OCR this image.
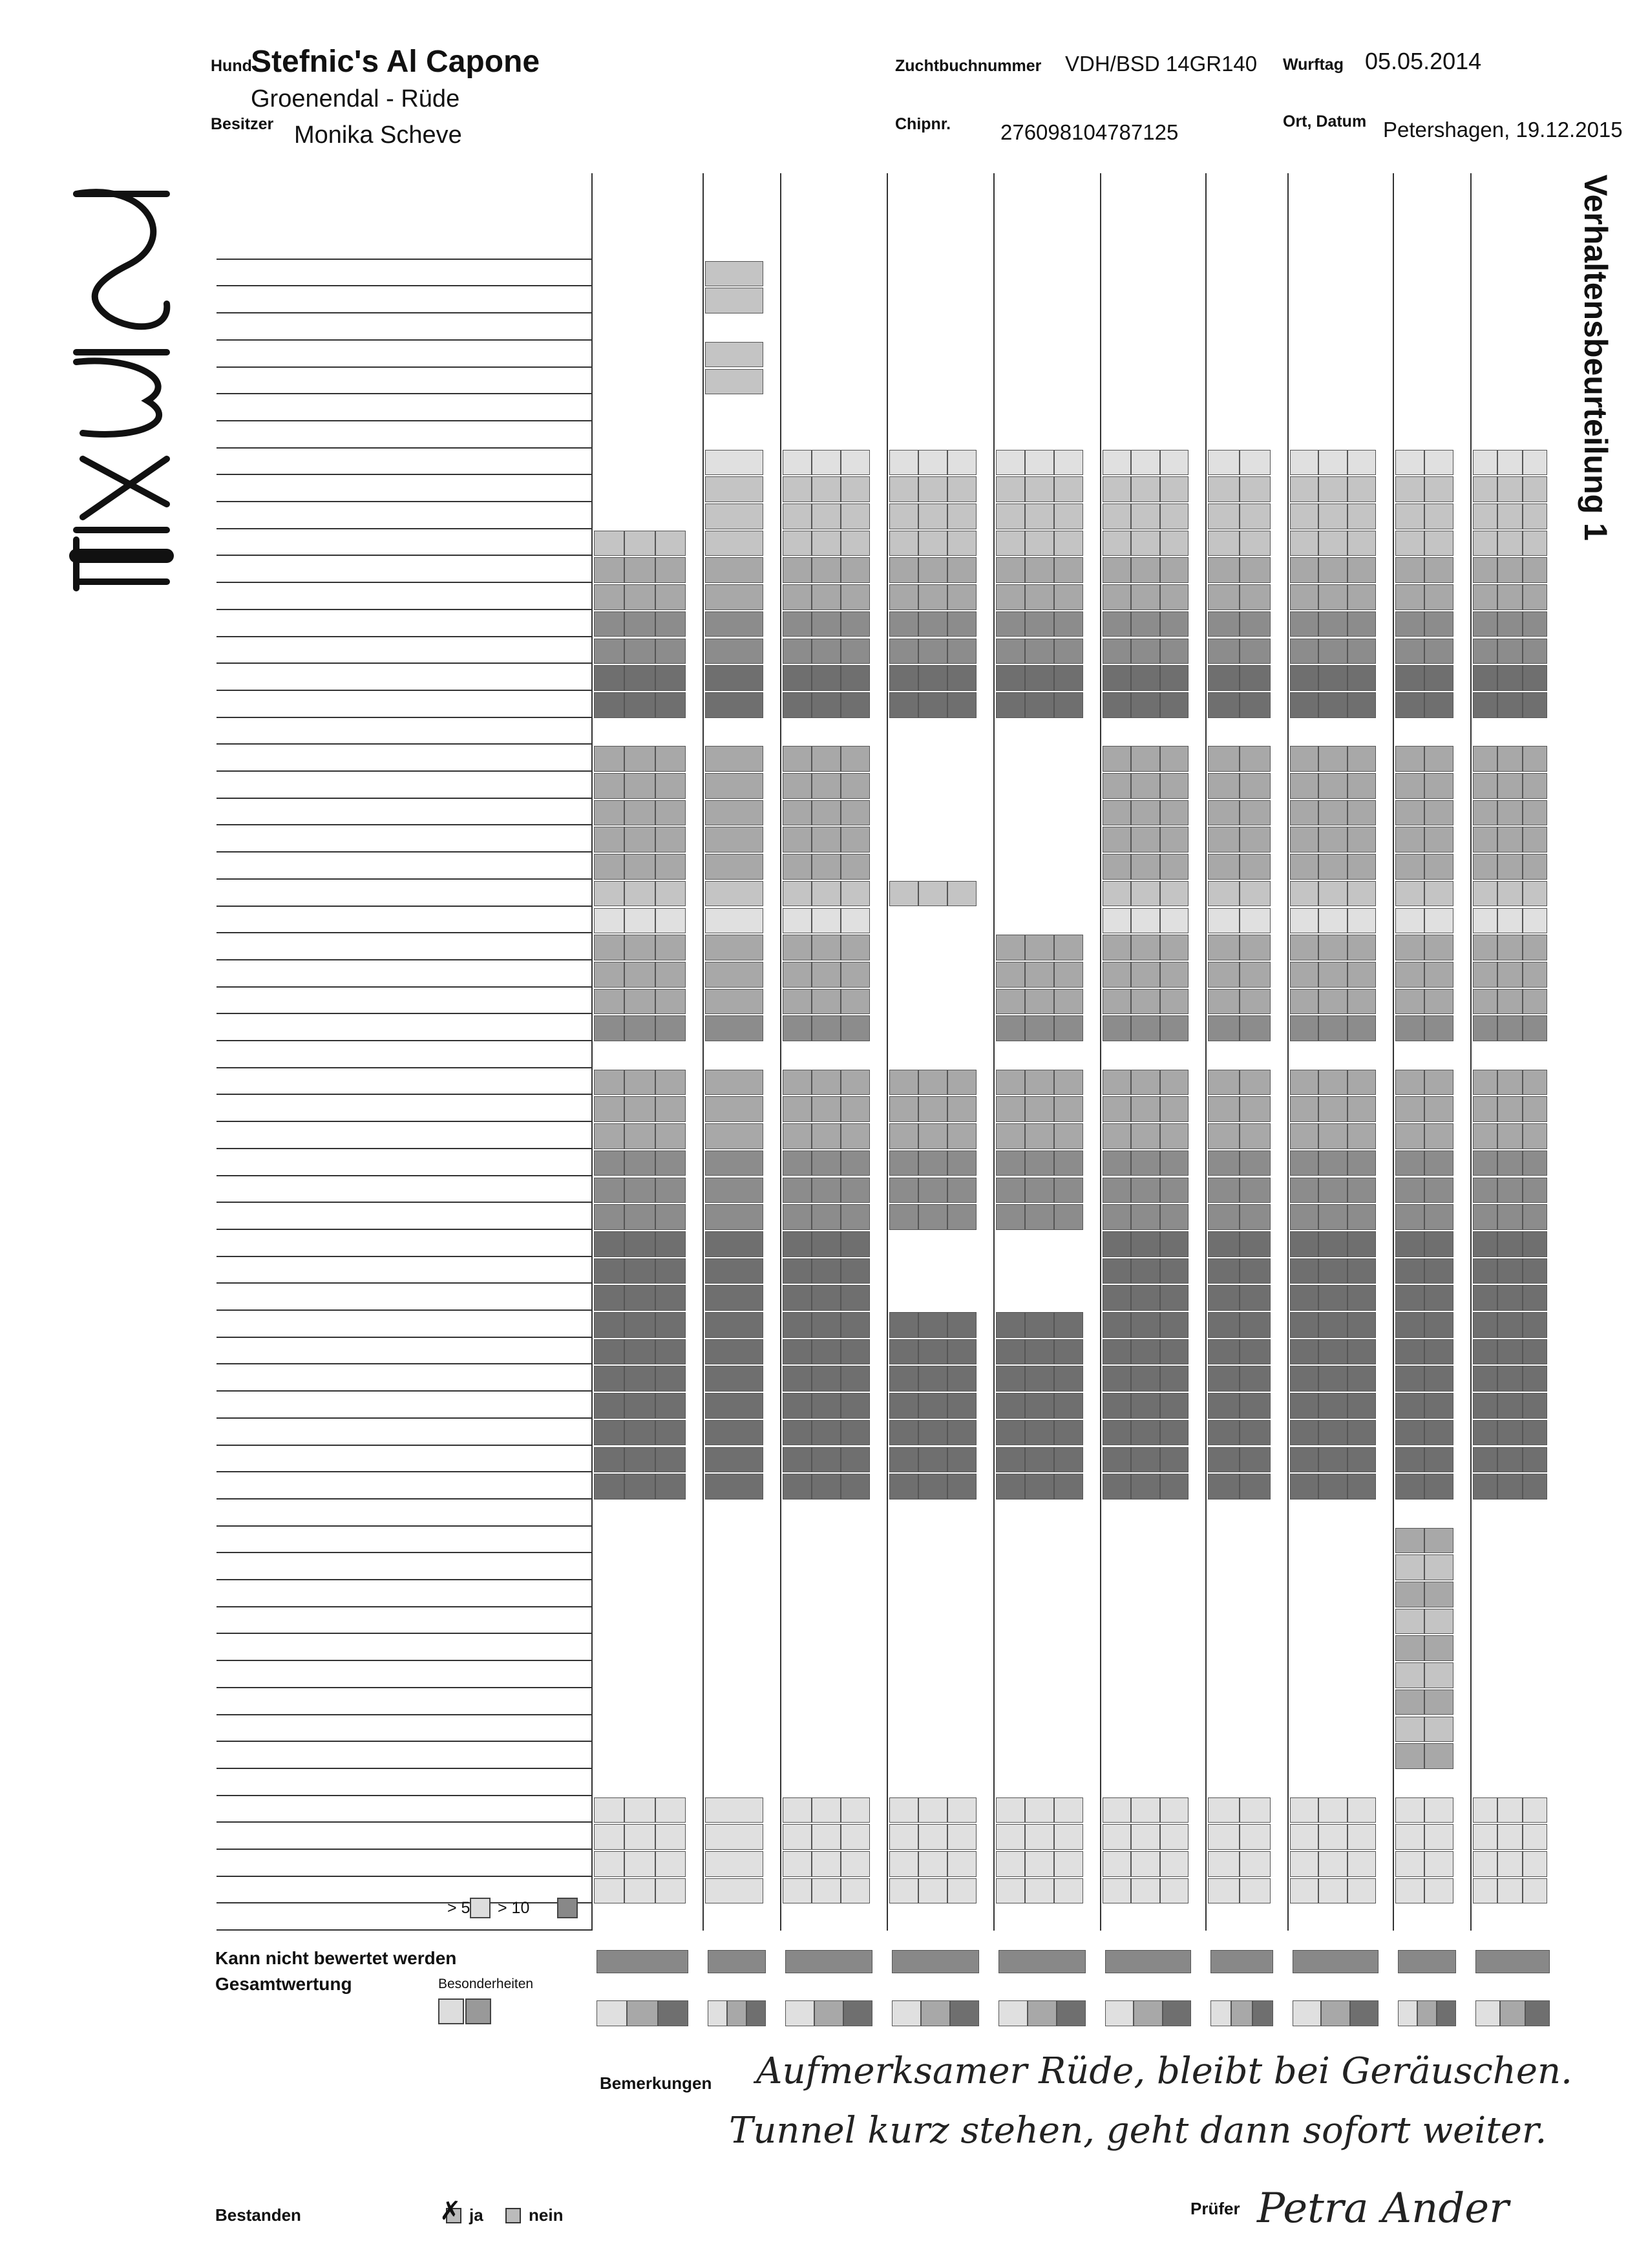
Hund
Stefnic's Al Capone
Groenendal - Rüde
Besitzer Monika Scheve
Zuchtbuchnummer VDH/BSD 14GR140 Wurftag 05.05.2014
Chipnr. 276098104787125	Ort, Datum Petershagen, 19.12.2015
Verhaltensbeurteilung 1
> 5 > 10
Kann nicht bewertet werden
Gesamtwertung	Besonderheiten
Bemerkungen Aufmerksamer Rüde, bleibt bei Geräuschen.
Tunnel kurz stehen, geht dann sofort weiter.
Prüfer Petra Ander
Bestanden	✗ ja	nein
